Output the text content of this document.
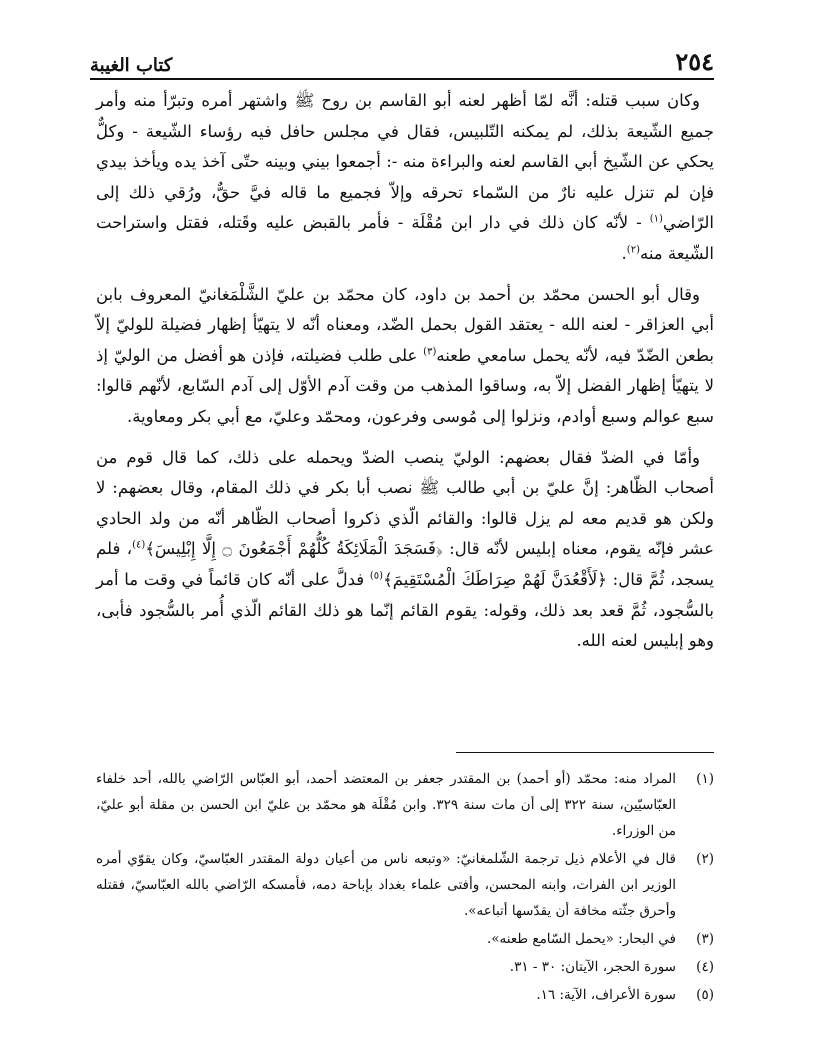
كتاب الغيبة	٢٥٤

وكان سبب قتله: أنَّه لمّا أظهر لعنه أبو القاسم بن روح ﷺ واشتهر أمره وتبرّأ منه وأمر جميع الشّيعة بذلك، لم يمكنه التّلبيس، فقال في مجلس حافل فيه رؤساء الشّيعة - وكلٌّ يحكي عن الشّيخ أبي القاسم لعنه والبراءة منه -: أجمعوا بيني وبينه حتّى آخذ يده ويأخذ بيدي فإن لم تنزل عليه نارٌ من السّماء تحرقه وإلاّ فجميع ما قاله فيَّ حقٌّ، ورُقي ذلك إلى الرّاضي$^{(١)}$ - لأنّه كان ذلك في دار ابن مُقْلَة - فأمر بالقبض عليه وقَتله، فقتل واستراحت الشّيعة منه$^{(٢)}$.

وقال أبو الحسن محمّد بن أحمد بن داود، كان محمّد بن عليّ الشَّلْمَغانيّ المعروف بابن أبي العزاقر - لعنه الله - يعتقد القول بحمل الضّد، ومعناه أنّه لا يتهيّأ إظهار فضيلة للوليّ إلاّ بطعن الضّدّ فيه، لأنّه يحمل سامعي طعنه$^{(٣)}$ على طلب فضيلته، فإذن هو أفضل من الوليّ إذ لا يتهيّأ إظهار الفضل إلاّ به، وساقوا المذهب من وقت آدم الأوّل إلى آدم السّابع، لأنّهم قالوا: سبع عوالم وسبع أوادم، ونزلوا إلى مُوسى وفرعون، ومحمّد وعليّ، مع أبي بكر ومعاوية.

وأمّا في الضدّ فقال بعضهم: الوليّ ينصب الضدّ ويحمله على ذلك، كما قال قوم من أصحاب الظّاهر: إنَّ عليّ بن أبي طالب ﷺ نصب أبا بكر في ذلك المقام، وقال بعضهم: لا ولكن هو قديم معه لم يزل قالوا: والقائم الّذي ذكروا أصحاب الظّاهر أنّه من ولد الحادي عشر فإنّه يقوم، معناه إبليس لأنّه قال: ﴿فَسَجَدَ الْمَلَائِكَةُ كُلُّهُمْ أَجْمَعُونَ ۝ إِلَّا إِبْلِيسَ﴾$^{(٤)}$، فلم يسجد، ثُمَّ قال: ﴿لَأَقْعُدَنَّ لَهُمْ صِرَاطَكَ الْمُسْتَقِيمَ﴾$^{(٥)}$ فدلَّ على أنّه كان قائماً في وقت ما أمر بالسُّجود، ثُمَّ قعد بعد ذلك، وقوله: يقوم القائم إنّما هو ذلك القائم الّذي أُمر بالسُّجود فأبى، وهو إبليس لعنه الله.

(١)
المراد منه: محمّد (أو أحمد) بن المقتدر جعفر بن المعتضد أحمد، أبو العبّاس الرّاضي بالله، أحد خلفاء العبّاسيّين، سنة ٣٢٢ إلى أن مات سنة ٣٢٩. وابن مُقْلَة هو محمّد بن عليّ ابن الحسن بن مقلة أبو عليّ، من الوزراء.
(٢)
قال في الأعلام ذيل ترجمة الشّلمغانيّ: «وتبعه ناس من أعيان دولة المقتدر العبّاسيّ، وكان يقوّي أمره الوزير ابن الفرات، وابنه المحسن، وأفتى علماء بغداد بإباحة دمه، فأمسكه الرّاضي بالله العبّاسيّ، فقتله وأحرق جثّته مخافة أن يقدّسها أتباعه».
(٣)
في البحار: «يحمل السّامع طعنه».
(٤)
سورة الحجر، الآيتان: ٣٠ - ٣١.
(٥)
سورة الأعراف، الآية: ١٦.
